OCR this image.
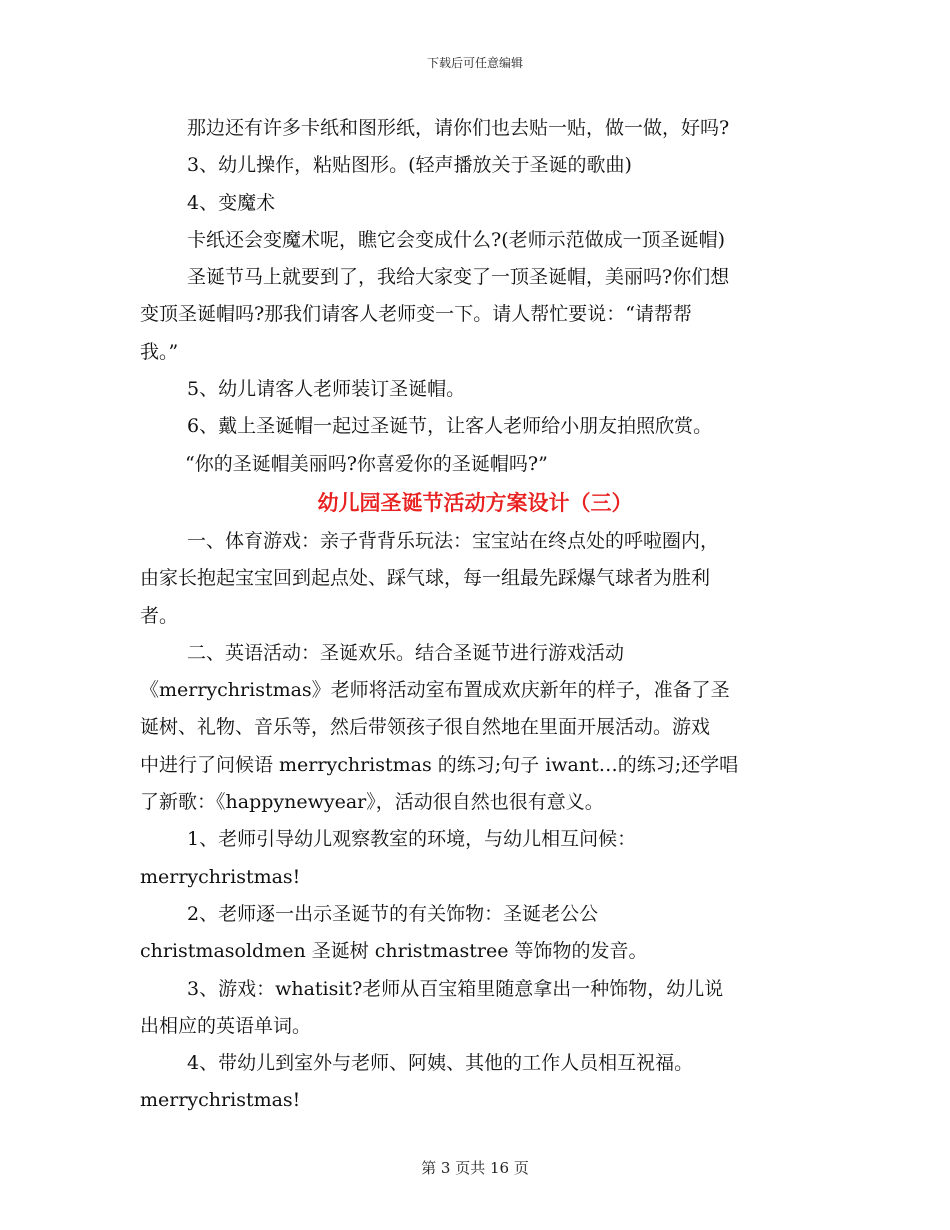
下载后可任意编辑
那边还有许多卡纸和图形纸，请你们也去贴一贴，做一做，好吗?
3、幼儿操作，粘贴图形。(轻声播放关于圣诞的歌曲)
4、变魔术
卡纸还会变魔术呢，瞧它会变成什么?(老师示范做成一顶圣诞帽)
圣诞节马上就要到了，我给大家变了一顶圣诞帽，美丽吗?你们想
变顶圣诞帽吗?那我们请客人老师变一下。请人帮忙要说：“请帮帮
我。”
5、幼儿请客人老师装订圣诞帽。
6、戴上圣诞帽一起过圣诞节，让客人老师给小朋友拍照欣赏。
“你的圣诞帽美丽吗?你喜爱你的圣诞帽吗?”
幼儿园圣诞节活动方案设计（三）
一、体育游戏：亲子背背乐玩法：宝宝站在终点处的呼啦圈内，
由家长抱起宝宝回到起点处、踩气球，每一组最先踩爆气球者为胜利
者。
二、英语活动：圣诞欢乐。结合圣诞节进行游戏活动
《merrychristmas》老师将活动室布置成欢庆新年的样子，准备了圣
诞树、礼物、音乐等，然后带领孩子很自然地在里面开展活动。游戏
中进行了问候语 merrychristmas 的练习;句子 iwant…的练习;还学唱
了新歌：《happynewyear》，活动很自然也很有意义。
1、老师引导幼儿观察教室的环境，与幼儿相互问候：
merrychristmas!
2、老师逐一出示圣诞节的有关饰物：圣诞老公公
christmasoldmen 圣诞树 christmastree 等饰物的发音。
3、游戏：whatisit?老师从百宝箱里随意拿出一种饰物，幼儿说
出相应的英语单词。
4、带幼儿到室外与老师、阿姨、其他的工作人员相互祝福。
merrychristmas!
第 3 页共 16 页
